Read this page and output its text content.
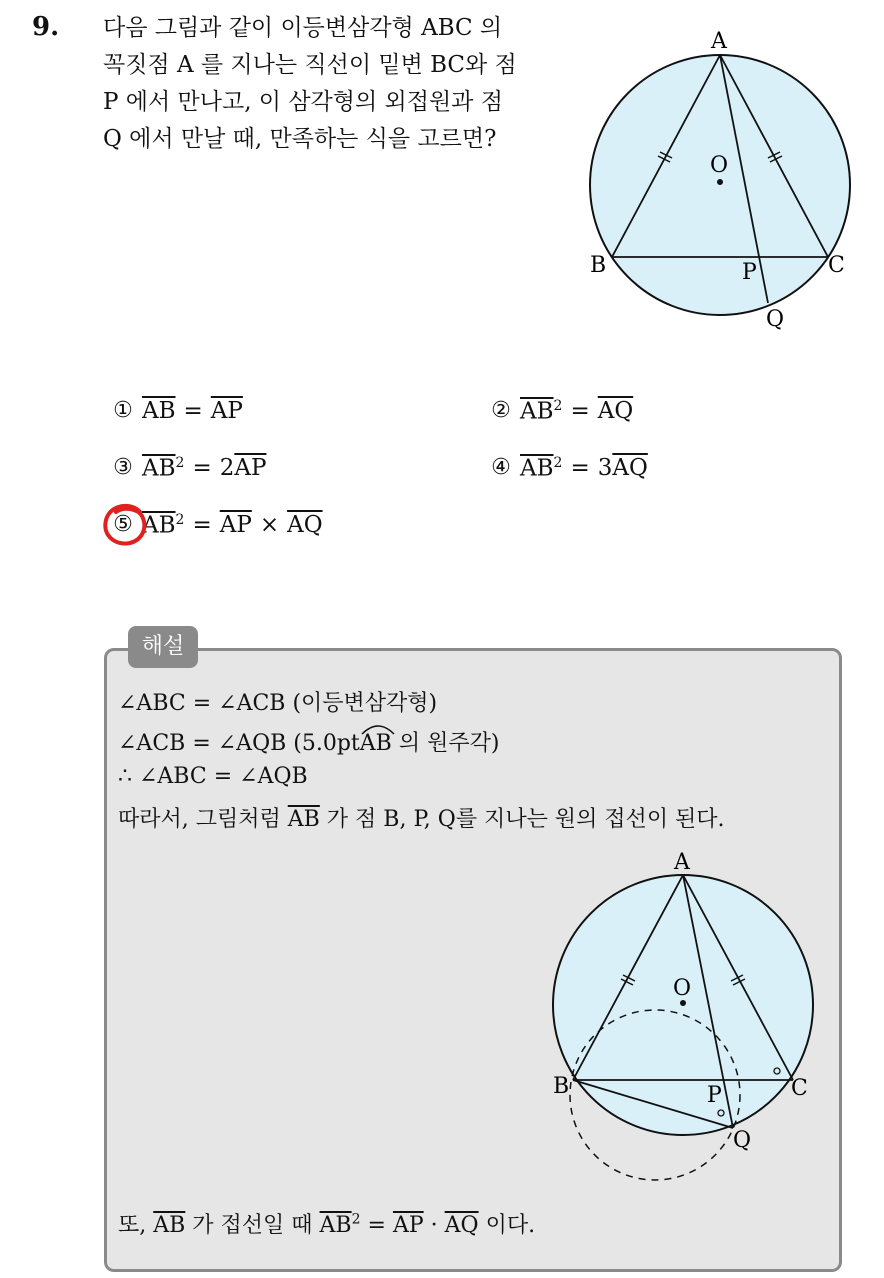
9. 다음 그림과 같이 이등변삼각형 ABC 의
꼭짓점 A 를 지나는 직선이 밑변 BC와 점
P 에서 만나고, 이 삼각형의 외접원과 점
Q 에서 만날 때, 만족하는 식을 고르면?
A
O
B	C
P
Q
① $\overline{AB} = \overline{AP}$	② $\overline{AB}^2 = \overline{AQ}$
③ $\overline{AB}^2 = 2\overline{AP}$	④ $\overline{AB}^2 = 3\overline{AQ}$
⑤ $\overline{AB}^2 = \overline{AP} \times \overline{AQ}$
해설
∠ABC = ∠ACB (이등변삼각형)
∠ACB = ∠AQB (5.0pt
AB 의 원주각)
∴ ∠ABC = ∠AQB
따라서, 그림처럼 $\overline{AB}$ 가 점 B, P, Q를 지나는 원의 접선이 된다.
A
O
B	C
P
Q
또, $\overline{AB}$ 가 접선일 때 $\overline{AB}^2 = \overline{AP} \cdot \overline{AQ}$ 이다.
